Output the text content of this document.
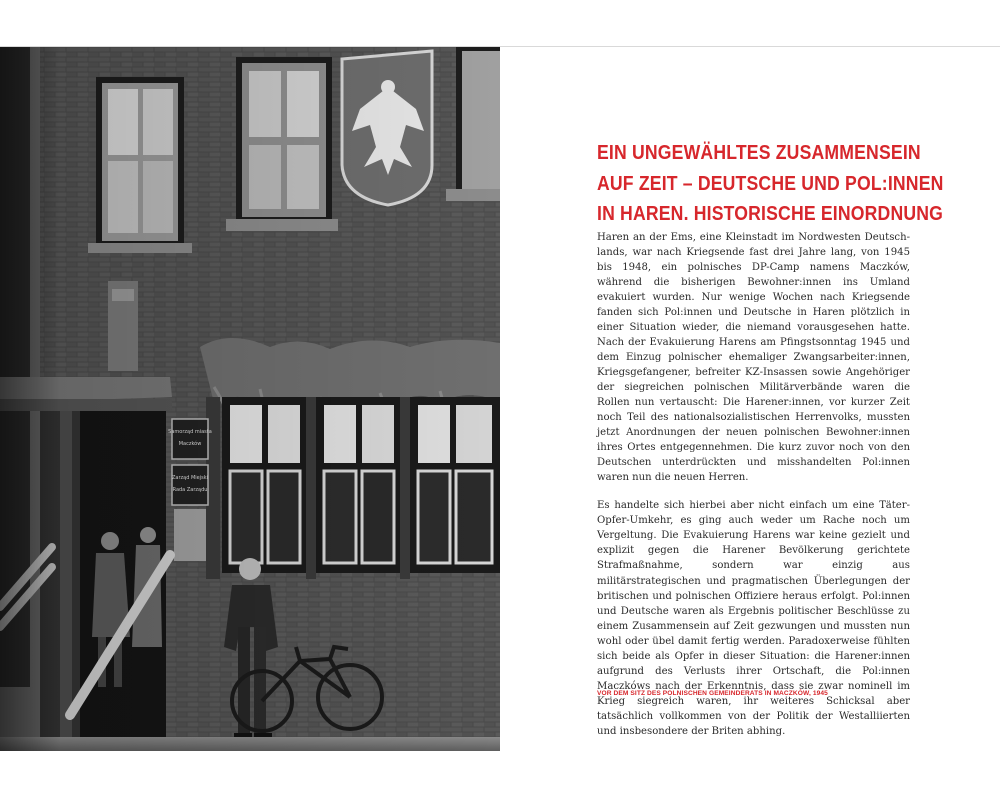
EIN UNGEWÄHLTES ZUSAMMENSEIN
AUF ZEIT – DEUTSCHE UND POL:INNEN
IN HAREN. HISTORISCHE EINORDNUNG

Haren an der Ems, eine Kleinstadt im Nordwesten Deutschlands, war nach Kriegsende fast drei Jahre lang, von 1945 bis 1948, ein polnisches DP-Camp namens Maczków, während die bisherigen Bewohner:innen ins Umland evakuiert wurden. Nur wenige Wochen nach Kriegsende fanden sich Pol:innen und Deutsche in Haren plötzlich in einer Situation wieder, die niemand vorausgesehen hatte. Nach der Evakuierung Harens am Pfingstsonntag 1945 und dem Einzug polnischer ehemaliger Zwangsarbeiter:innen, Kriegsgefangener, befreiter KZ-Insassen sowie Angehöriger der siegreichen polnischen Militärverbände waren die Rollen nun vertauscht: Die Harener:innen, vor kurzer Zeit noch Teil des nationalsozialistischen Herrenvolks, mussten jetzt Anordnungen der neuen polnischen Bewohner:innen ihres Ortes entgegennehmen. Die kurz zuvor noch von den Deutschen unterdrückten und misshandelten Pol:innen waren nun die neuen Herren.

Es handelte sich hierbei aber nicht einfach um eine Täter-Opfer-Umkehr, es ging auch weder um Rache noch um Vergeltung. Die Evakuierung Harens war keine gezielt und explizit gegen die Harener Bevölkerung gerichtete Strafmaßnahme, sondern war einzig aus militärstrategischen und pragmatischen Überlegungen der britischen und polnischen Offiziere heraus erfolgt. Pol:innen und Deutsche waren als Ergebnis politischer Beschlüsse zu einem Zusammensein auf Zeit gezwungen und mussten nun wohl oder übel damit fertig werden. Paradoxerweise fühlten sich beide als Opfer in dieser Situation: die Harener:innen aufgrund des Verlusts ihrer Ortschaft, die Pol:innen Maczkóws nach der Erkenntnis, dass sie zwar nominell im Krieg siegreich waren, ihr weiteres Schicksal aber tatsächlich vollkommen von der Politik der Westalliierten und insbesondere der Briten abhing.

VOR DEM SITZ DES POLNISCHEN GEMEINDERATS IN MACZKÓW, 1945
